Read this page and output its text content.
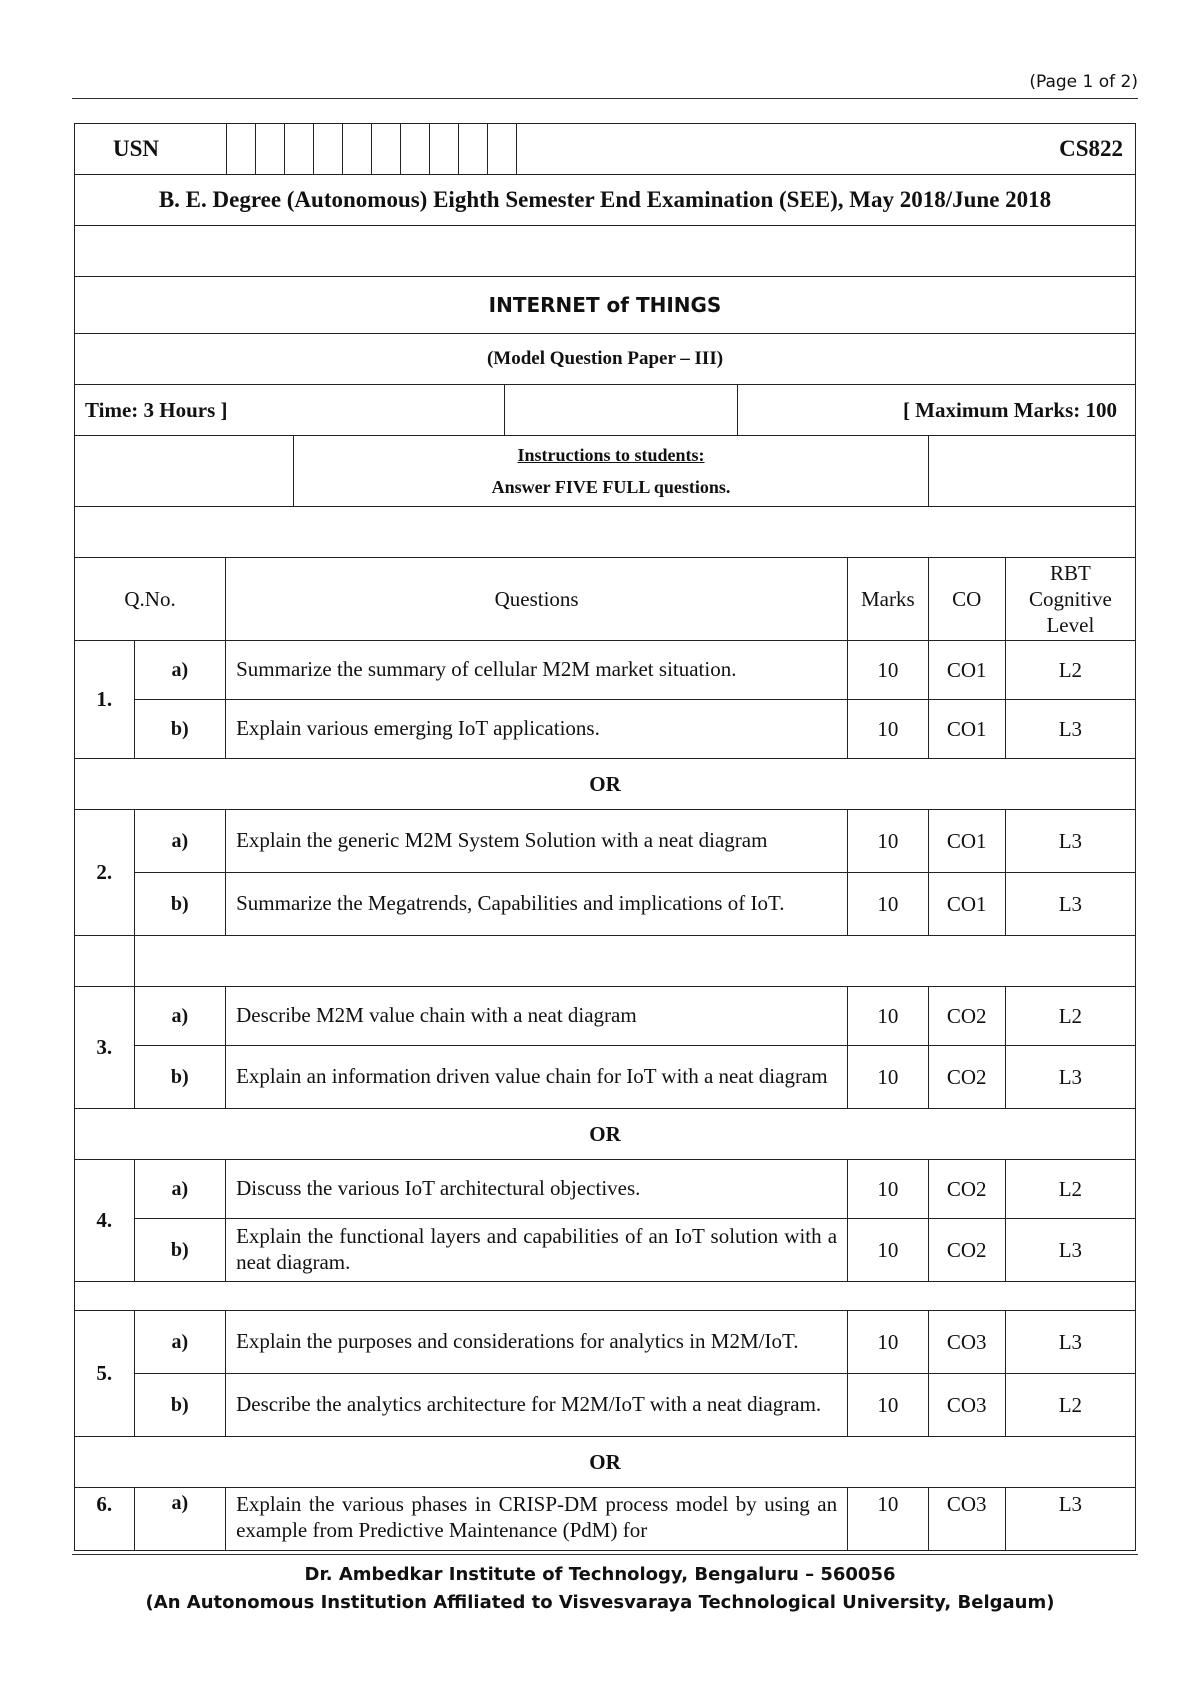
(Page 1 of 2)
USN					CS822			
B. E. Degree (Autonomous) Eighth Semester End Examination (SEE), May 2018/June 2018								

INTERNET of THINGS								
(Model Question Paper – III)								
Time: 3 Hours ]					[ Maximum Marks: 100			
			Instructions to students:
Answer FIVE FULL questions.					

Q.No.		Questions				Marks	CO	RBT
Cognitive
Level
1.	a)	Summarize the summary of cellular M2M market situation.				10	CO1	L2
	b)	Explain various emerging IoT applications.				10	CO1	L3
OR								
2.	a)	Explain the generic M2M System Solution with a neat diagram				10	CO1	L3
	b)	Summarize the Megatrends, Capabilities and implications of IoT.				10	CO1	L3

3.	a)	Describe M2M value chain with a neat diagram				10	CO2	L2
	b)	Explain an information driven value chain for IoT with a neat diagram				10	CO2	L3
OR								
4.	a)	Discuss the various IoT architectural objectives.				10	CO2	L2
	b)	Explain the functional layers and capabilities of an IoT solution with a neat diagram.				10	CO2	L3

5.	a)	Explain the purposes and considerations for analytics in M2M/IoT.				10	CO3	L3
	b)	Describe the analytics architecture for M2M/IoT with a neat diagram.				10	CO3	L2
OR								
6.	a)	Explain the various phases in CRISP-DM process model by using an example from Predictive Maintenance (PdM) for				10	CO3	L3
Dr. Ambedkar Institute of Technology, Bengaluru – 560056
(An Autonomous Institution Affiliated to Visvesvaraya Technological University, Belgaum)
